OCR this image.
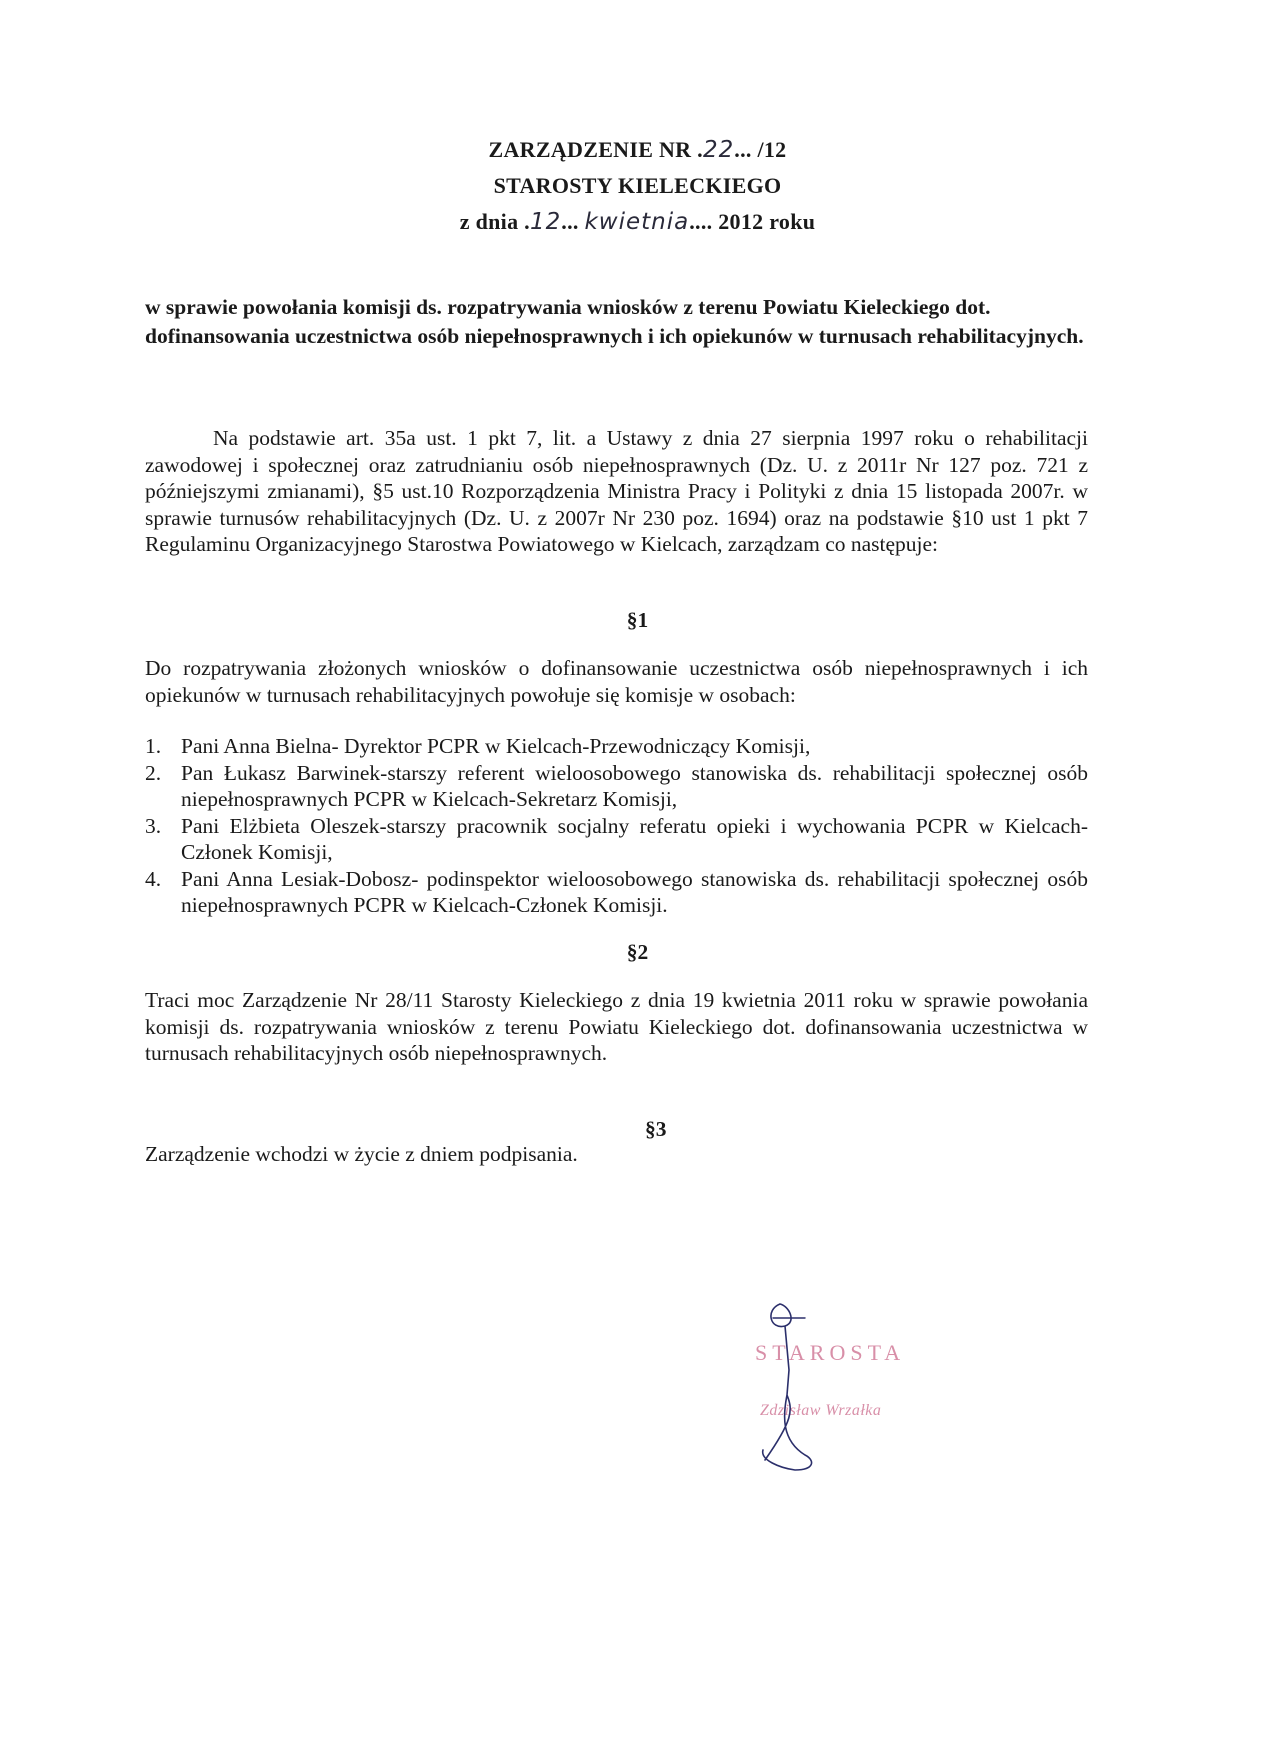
ZARZĄDZENIE NR .22... /12
STAROSTY KIELECKIEGO
z dnia .12... kwietnia.... 2012 roku
w sprawie powołania komisji ds. rozpatrywania wniosków z terenu Powiatu Kieleckiego dot. dofinansowania uczestnictwa osób niepełnosprawnych i ich opiekunów w turnusach rehabilitacyjnych.
Na podstawie art. 35a ust. 1 pkt 7, lit. a Ustawy z dnia 27 sierpnia 1997 roku o rehabilitacji zawodowej i społecznej oraz zatrudnianiu osób niepełnosprawnych (Dz. U. z 2011r Nr 127 poz. 721 z późniejszymi zmianami), §5 ust.10 Rozporządzenia Ministra Pracy i Polityki z dnia 15 listopada 2007r. w sprawie turnusów rehabilitacyjnych (Dz. U. z 2007r Nr 230 poz. 1694) oraz na podstawie §10 ust 1 pkt 7 Regulaminu Organizacyjnego Starostwa Powiatowego w Kielcach, zarządzam co następuje:
§1
Do rozpatrywania złożonych wniosków o dofinansowanie uczestnictwa osób niepełnosprawnych i ich opiekunów w turnusach rehabilitacyjnych powołuje się komisje w osobach:
1. Pani Anna Bielna- Dyrektor PCPR w Kielcach-Przewodniczący Komisji,
2. Pan Łukasz Barwinek-starszy referent wieloosobowego stanowiska ds. rehabilitacji społecznej osób niepełnosprawnych PCPR w Kielcach-Sekretarz Komisji,
3. Pani Elżbieta Oleszek-starszy pracownik socjalny referatu opieki i wychowania PCPR w Kielcach-Członek Komisji,
4. Pani Anna Lesiak-Dobosz- podinspektor wieloosobowego stanowiska ds. rehabilitacji społecznej osób niepełnosprawnych PCPR w Kielcach-Członek Komisji.
§2
Traci moc Zarządzenie Nr 28/11 Starosty Kieleckiego z dnia 19 kwietnia 2011 roku w sprawie powołania komisji ds. rozpatrywania wniosków z terenu Powiatu Kieleckiego dot. dofinansowania uczestnictwa w turnusach rehabilitacyjnych osób niepełnosprawnych.
§3
Zarządzenie wchodzi w życie z dniem podpisania.
STAROSTA
Zdzisław Wrzałka
